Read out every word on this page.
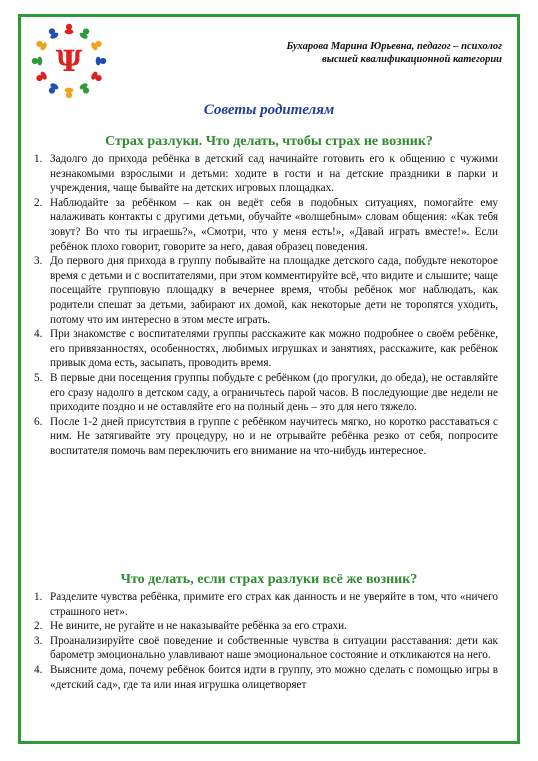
Ψ	Бухарова Марина Юрьевна, педагог – психолог
высшей квалификационной категории
Советы родителям
Страх разлуки. Что делать, чтобы страх не возник?
1. Задолго до прихода ребёнка в детский сад начинайте готовить его к общению с чужими незнакомыми взрослыми и детьми: ходите в гости и на детские праздники в парки и учреждения, чаще бывайте на детских игровых площадках.
2. Наблюдайте за ребёнком – как он ведёт себя в подобных ситуациях, помогайте ему налаживать контакты с другими детьми, обучайте «волшебным» словам общения: «Как тебя зовут? Во что ты играешь?», «Смотри, что у меня есть!», «Давай играть вместе!». Если ребёнок плохо говорит, говорите за него, давая образец поведения.
3. До первого дня прихода в группу побывайте на площадке детского сада, побудьте некоторое время с детьми и с воспитателями, при этом комментируйте всё, что видите и слышите; чаще посещайте групповую площадку в вечернее время, чтобы ребёнок мог наблюдать, как родители спешат за детьми, забирают их домой, как некоторые дети не торопятся уходить, потому что им интересно в этом месте играть.
4. При знакомстве с воспитателями группы расскажите как можно подробнее о своём ребёнке, его привязанностях, особенностях, любимых игрушках и занятиях, расскажите, как ребёнок привык дома есть, засыпать, проводить время.
5. В первые дни посещения группы побудьте с ребёнком (до прогулки, до обеда), не оставляйте его сразу надолго в детском саду, а ограничьтесь парой часов. В последующие две недели не приходите поздно и не оставляйте его на полный день – это для него тяжело.
6. После 1-2 дней присутствия в группе с ребёнком научитесь мягко, но коротко расставаться с ним. Не затягивайте эту процедуру, но и не отрывайте ребёнка резко от себя, попросите воспитателя помочь вам переключить его внимание на что-нибудь интересное.
Что делать, если страх разлуки всё же возник?
1. Разделите чувства ребёнка, примите его страх как данность и не уверяйте в том, что «ничего страшного нет».
2. Не вините, не ругайте и не наказывайте ребёнка за его страхи.
3. Проанализируйте своё поведение и собственные чувства в ситуации расставания: дети как барометр эмоционально улавливают наше эмоциональное состояние и откликаются на него.
4. Выясните дома, почему ребёнок боится идти в группу, это можно сделать с помощью игры в «детский сад», где та или иная игрушка олицетворяет
